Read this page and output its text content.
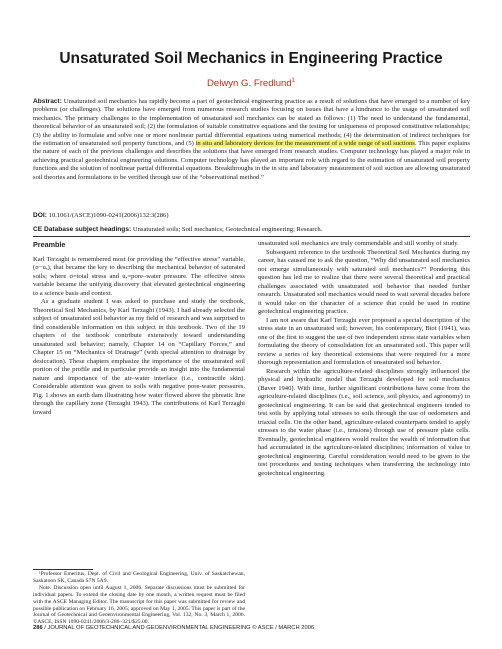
Unsaturated Soil Mechanics in Engineering Practice
Delwyn G. Fredlund$^1$
Abstract: Unsaturated soil mechanics has rapidly become a part of geotechnical engineering practice as a result of solutions that have emerged to a number of key problems (or challenges). The solutions have emerged from numerous research studies focusing on issues that have a hindrance to the usage of unsaturated soil mechanics. The primary challenges to the implementation of unsaturated soil mechanics can be stated as follows: (1) The need to understand the fundamental, theoretical behavior of an unsaturated soil; (2) the formulation of suitable constitutive equations and the testing for uniqueness of proposed constitutive relationships; (3) the ability to formulate and solve one or more nonlinear partial differential equations using numerical methods; (4) the determination of indirect techniques for the estimation of unsaturated soil property functions, and (5) in situ and laboratory devices for the measurement of a wide range of soil suctions. This paper explains the nature of each of the previous challenges and describes the solutions that have emerged from research studies. Computer technology has played a major role in achieving practical geotechnical engineering solutions. Computer technology has played an important role with regard to the estimation of unsaturated soil property functions and the solution of nonlinear partial differential equations. Breakthroughs in the in situ and laboratory measurement of soil suction are allowing unsaturated soil theories and formulations to be verified through use of the “observational method.”
DOI: 10.1061/(ASCE)1090-0241(2006)132:3(286)
CE Database subject headings: Unsaturated soils; Soil mechanics; Geotechnical engineering; Research.
Preamble

Karl Terzaghi is remembered most for providing the “effective stress” variable, (σ−uₓ), that became the key to describing the mechanical behavior of saturated soils; where σ=total stress and uₓ=pore–water pressure. The effective stress variable became the unifying discovery that elevated geotechnical engineering to a science basis and context.

As a graduate student I was asked to purchase and study the textbook, Theoretical Soil Mechanics, by Karl Terzaghi (1943). I had already selected the subject of unsaturated soil behavior as my field of research and was surprised to find considerable information on this subject in this textbook. Two of the 19 chapters of the textbook contribute extensively toward understanding unsaturated soil behavior; namely, Chapter 14 on “Capillary Forces,” and Chapter 15 on “Mechanics of Drainage” (with special attention to drainage by desiccation). These chapters emphasize the importance of the unsaturated soil portion of the profile and in particular provide an insight into the fundamental nature and importance of the air–water interface (i.e., contractile skin). Considerable attention was given to soils with negative pore-water pressures. Fig. 1 shows an earth dam illustrating how water flowed above the phreatic line through the capillary zone (Terzaghi 1943). The contributions of Karl Terzaghi toward

¹Professor Emeritus, Dept. of Civil and Geological Engineering, Univ. of Saskatchewan, Saskatoon SK, Canada S7N 5A9.

Note. Discussion open until August 1, 2006. Separate discussions must be submitted for individual papers. To extend the closing date by one month, a written request must be filed with the ASCE Managing Editor. The manuscript for this paper was submitted for review and possible publication on February 16, 2005; approved on May 1, 2005. This paper is part of the Journal of Geotechnical and Geoenvironmental Engineering, Vol. 132, No. 3, March 1, 2006. ©ASCE, ISSN 1090-0241/2006/3-286–321/$25.00.

unsaturated soil mechanics are truly commendable and still worthy of study.

Subsequent reference to the textbook Theoretical Soil Mechanics during my career, has caused me to ask the question, “Why did unsaturated soil mechanics not emerge simultaneously with saturated soil mechanics?” Pondering this question has led me to realize that there were several theoretical and practical challenges associated with unsaturated soil behavior that needed further research. Unsaturated soil mechanics would need to wait several decades before it would take on the character of a science that could be used in routine geotechnical engineering practice.

I am not aware that Karl Terzaghi ever proposed a special description of the stress state in an unsaturated soil; however, his contemporary, Biot (1941), was one of the first to suggest the use of two independent stress state variables when formulating the theory of consolidation for an unsaturated soil. This paper will review a series of key theoretical extensions that were required for a more thorough representation and formulation of unsaturated soil behavior.

Research within the agriculture-related disciplines strongly influenced the physical and hydraulic model that Terzaghi developed for soil mechanics (Baver 1940). With time, further significant contributions have come from the agriculture-related disciplines (i.e., soil science, soil physics, and agronomy) to geotechnical engineering. It can be said that geotechnical engineers tended to test soils by applying total stresses to soils through the use of oedometers and triaxial cells. On the other hand, agriculture-related counterparts tended to apply stresses to the water phase (i.e., tensions) through use of pressure plate cells. Eventually, geotechnical engineers would realize the wealth of information that had accumulated in the agriculture-related disciplines; information of value to geotechnical engineering. Careful consideration would need to be given to the test procedures and testing techniques when transferring the technology into geotechnical engineering.

286 / JOURNAL OF GEOTECHNICAL AND GEOENVIRONMENTAL ENGINEERING © ASCE / MARCH 2006
